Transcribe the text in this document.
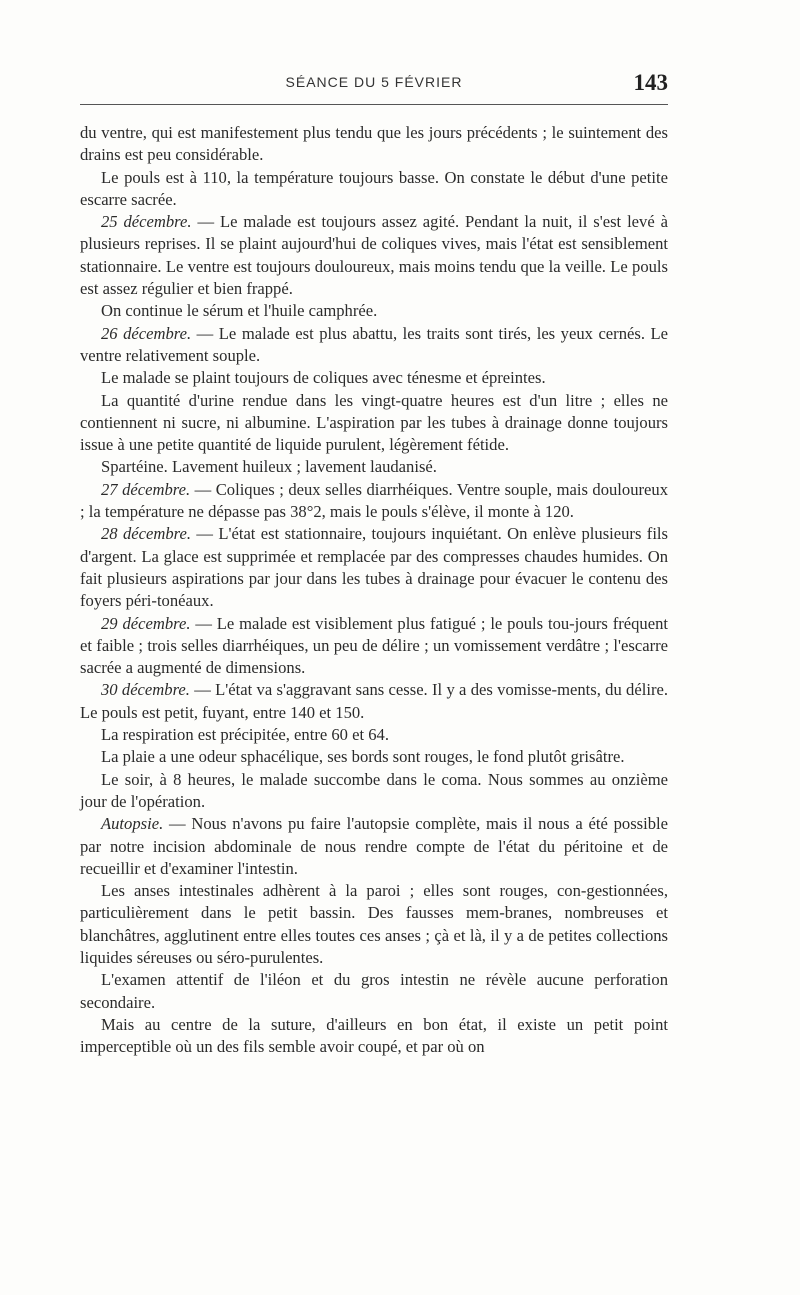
SÉANCE DU 5 FÉVRIER	143

du ventre, qui est manifestement plus tendu que les jours précédents ; le suintement des drains est peu considérable.

Le pouls est à 110, la température toujours basse. On constate le début d'une petite escarre sacrée.

25 décembre. — Le malade est toujours assez agité. Pendant la nuit, il s'est levé à plusieurs reprises. Il se plaint aujourd'hui de coliques vives, mais l'état est sensiblement stationnaire. Le ventre est toujours douloureux, mais moins tendu que la veille. Le pouls est assez régulier et bien frappé.

On continue le sérum et l'huile camphrée.

26 décembre. — Le malade est plus abattu, les traits sont tirés, les yeux cernés. Le ventre relativement souple.

Le malade se plaint toujours de coliques avec ténesme et épreintes.

La quantité d'urine rendue dans les vingt-quatre heures est d'un litre ; elles ne contiennent ni sucre, ni albumine. L'aspiration par les tubes à drainage donne toujours issue à une petite quantité de liquide purulent, légèrement fétide.

Spartéine. Lavement huileux ; lavement laudanisé.

27 décembre. — Coliques ; deux selles diarrhéiques. Ventre souple, mais douloureux ; la température ne dépasse pas 38°2, mais le pouls s'élève, il monte à 120.

28 décembre. — L'état est stationnaire, toujours inquiétant. On enlève plusieurs fils d'argent. La glace est supprimée et remplacée par des compresses chaudes humides. On fait plusieurs aspirations par jour dans les tubes à drainage pour évacuer le contenu des foyers péri-tonéaux.

29 décembre. — Le malade est visiblement plus fatigué ; le pouls tou-jours fréquent et faible ; trois selles diarrhéiques, un peu de délire ; un vomissement verdâtre ; l'escarre sacrée a augmenté de dimensions.

30 décembre. — L'état va s'aggravant sans cesse. Il y a des vomisse-ments, du délire. Le pouls est petit, fuyant, entre 140 et 150.

La respiration est précipitée, entre 60 et 64.

La plaie a une odeur sphacélique, ses bords sont rouges, le fond plutôt grisâtre.

Le soir, à 8 heures, le malade succombe dans le coma. Nous sommes au onzième jour de l'opération.

Autopsie. — Nous n'avons pu faire l'autopsie complète, mais il nous a été possible par notre incision abdominale de nous rendre compte de l'état du péritoine et de recueillir et d'examiner l'intestin.

Les anses intestinales adhèrent à la paroi ; elles sont rouges, con-gestionnées, particulièrement dans le petit bassin. Des fausses mem-branes, nombreuses et blanchâtres, agglutinent entre elles toutes ces anses ; çà et là, il y a de petites collections liquides séreuses ou séro-purulentes.

L'examen attentif de l'iléon et du gros intestin ne révèle aucune perforation secondaire.

Mais au centre de la suture, d'ailleurs en bon état, il existe un petit point imperceptible où un des fils semble avoir coupé, et par où on
